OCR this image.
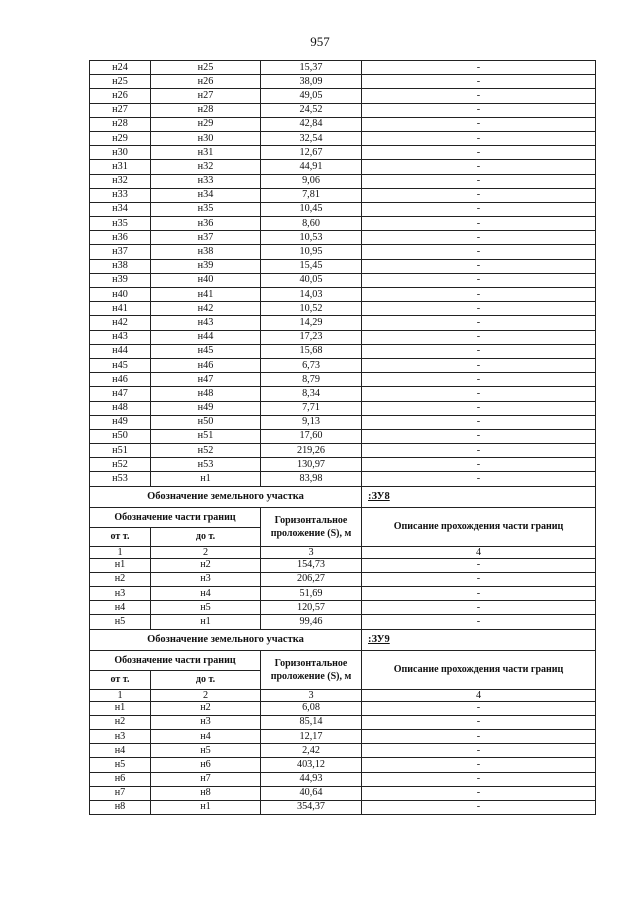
957
н24	н25	15,37	-
н25	н26	38,09	-
н26	н27	49,05	-
н27	н28	24,52	-
н28	н29	42,84	-
н29	н30	32,54	-
н30	н31	12,67	-
н31	н32	44,91	-
н32	н33	9,06	-
н33	н34	7,81	-
н34	н35	10,45	-
н35	н36	8,60	-
н36	н37	10,53	-
н37	н38	10,95	-
н38	н39	15,45	-
н39	н40	40,05	-
н40	н41	14,03	-
н41	н42	10,52	-
н42	н43	14,29	-
н43	н44	17,23	-
н44	н45	15,68	-
н45	н46	6,73	-
н46	н47	8,79	-
н47	н48	8,34	-
н48	н49	7,71	-
н49	н50	9,13	-
н50	н51	17,60	-
н51	н52	219,26	-
н52	н53	130,97	-
н53	н1	83,98	-
Обозначение земельного участка			:ЗУ8
Обозначение части границ		Горизонтальное проложение (S), м	Описание прохождения части границ
от т.	до т.		
1	2	3	4
н1	н2	154,73	-
н2	н3	206,27	-
н3	н4	51,69	-
н4	н5	120,57	-
н5	н1	99,46	-
Обозначение земельного участка			:ЗУ9
Обозначение части границ		Горизонтальное проложение (S), м	Описание прохождения части границ
от т.	до т.		
1	2	3	4
н1	н2	6,08	-
н2	н3	85,14	-
н3	н4	12,17	-
н4	н5	2,42	-
н5	н6	403,12	-
н6	н7	44,93	-
н7	н8	40,64	-
н8	н1	354,37	-
